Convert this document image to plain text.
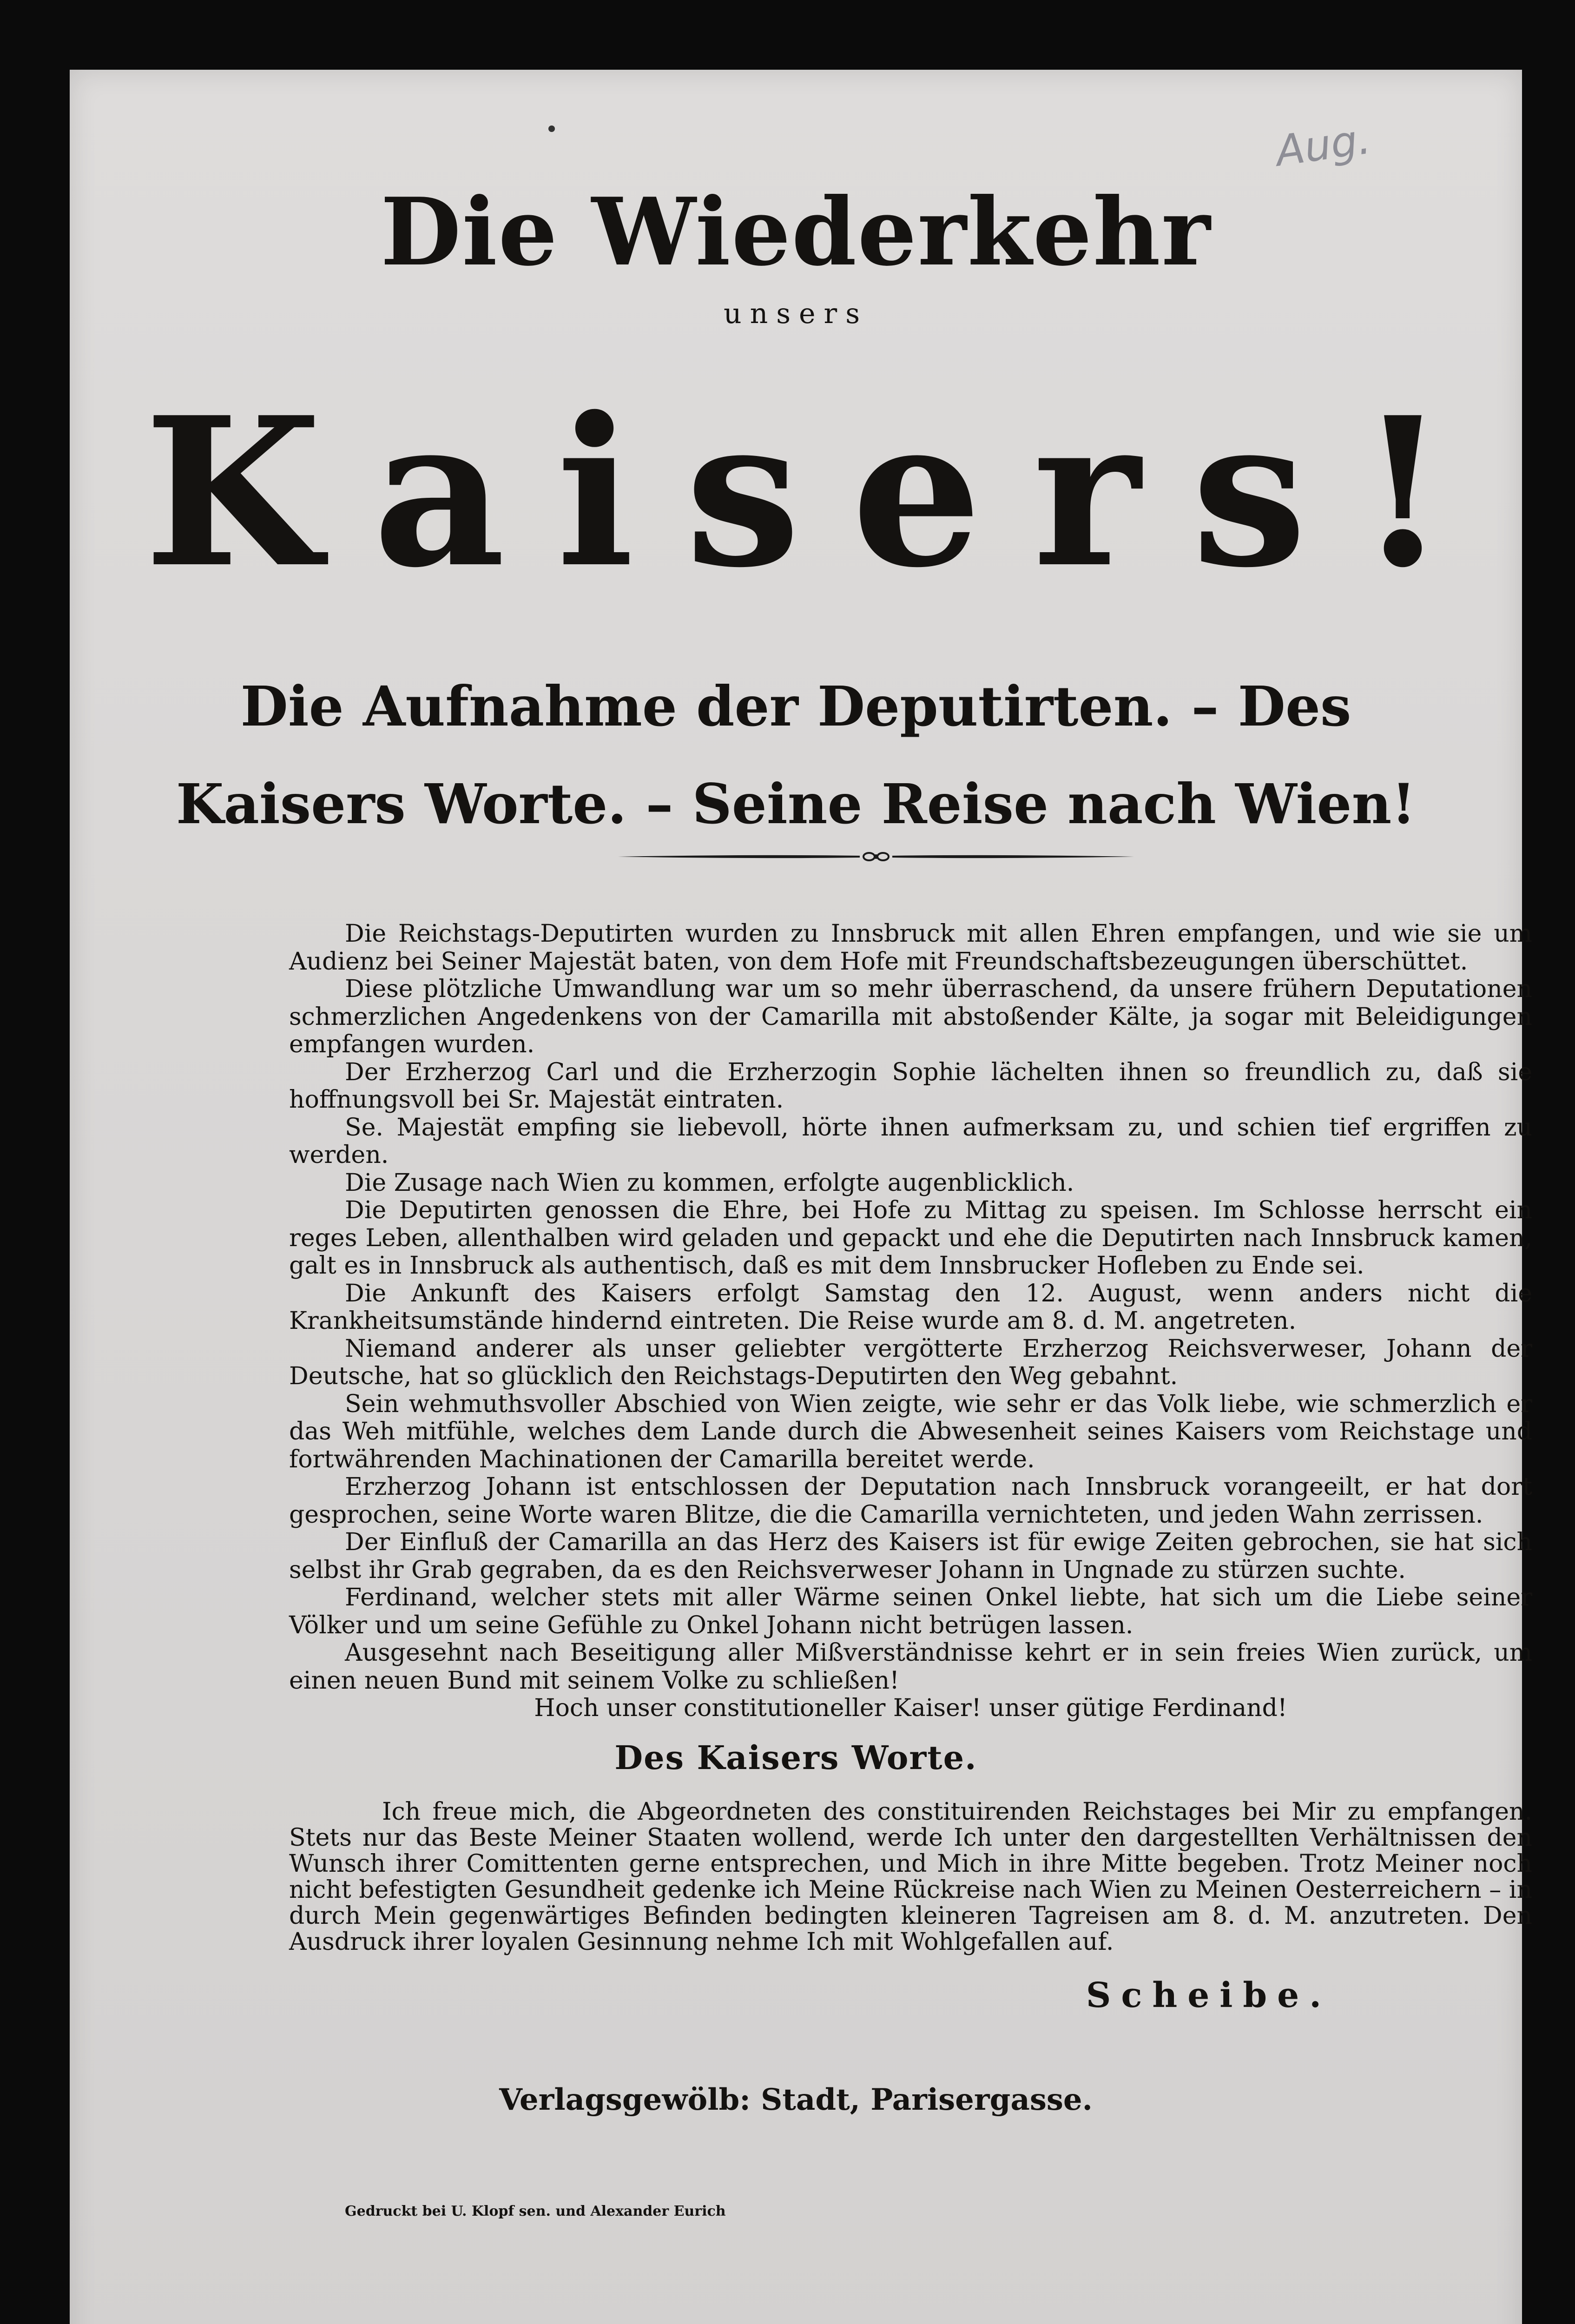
Aug.
Die Wiederkehr
unsers
Kaisers!
Die Aufnahme der Deputirten. – Des Kaisers Worte. – Seine Reise nach Wien!

Die Reichstags-Deputirten wurden zu Innsbruck mit allen Ehren empfangen, und wie sie um Audienz bei Seiner Majestät baten, von dem Hofe mit Freundschaftsbezeugungen überschüttet.

Diese plötzliche Umwandlung war um so mehr überraschend, da unsere frühern Deputationen schmerzlichen Angedenkens von der Camarilla mit abstoßender Kälte, ja sogar mit Beleidigungen empfangen wurden.

Der Erzherzog Carl und die Erzherzogin Sophie lächelten ihnen so freundlich zu, daß sie hoffnungsvoll bei Sr. Majestät eintraten.

Se. Majestät empfing sie liebevoll, hörte ihnen aufmerksam zu, und schien tief ergriffen zu werden.

Die Zusage nach Wien zu kommen, erfolgte augenblicklich.

Die Deputirten genossen die Ehre, bei Hofe zu Mittag zu speisen. Im Schlosse herrscht ein reges Leben, allenthalben wird geladen und gepackt und ehe die Deputirten nach Innsbruck kamen, galt es in Innsbruck als authentisch, daß es mit dem Innsbrucker Hofleben zu Ende sei.

Die Ankunft des Kaisers erfolgt Samstag den 12. August, wenn anders nicht die Krankheitsumstände hindernd eintreten. Die Reise wurde am 8. d. M. angetreten.

Niemand anderer als unser geliebter vergötterte Erzherzog Reichsverweser, Johann der Deutsche, hat so glücklich den Reichstags-Deputirten den Weg gebahnt.

Sein wehmuthsvoller Abschied von Wien zeigte, wie sehr er das Volk liebe, wie schmerzlich er das Weh mitfühle, welches dem Lande durch die Abwesenheit seines Kaisers vom Reichstage und fortwährenden Machinationen der Camarilla bereitet werde.

Erzherzog Johann ist entschlossen der Deputation nach Innsbruck vorangeeilt, er hat dort gesprochen, seine Worte waren Blitze, die die Camarilla vernichteten, und jeden Wahn zerrissen.

Der Einfluß der Camarilla an das Herz des Kaisers ist für ewige Zeiten gebrochen, sie hat sich selbst ihr Grab gegraben, da es den Reichsverweser Johann in Ungnade zu stürzen suchte.

Ferdinand, welcher stets mit aller Wärme seinen Onkel liebte, hat sich um die Liebe seiner Völker und um seine Gefühle zu Onkel Johann nicht betrügen lassen.

Ausgesehnt nach Beseitigung aller Mißverständnisse kehrt er in sein freies Wien zurück, um einen neuen Bund mit seinem Volke zu schließen!

Hoch unser constitutioneller Kaiser! unser gütige Ferdinand!

Des Kaisers Worte.

Ich freue mich, die Abgeordneten des constituirenden Reichstages bei Mir zu empfangen. Stets nur das Beste Meiner Staaten wollend, werde Ich unter den dargestellten Verhältnissen den Wunsch ihrer Comittenten gerne entsprechen, und Mich in ihre Mitte begeben. Trotz Meiner noch nicht befestigten Gesundheit gedenke ich Meine Rückreise nach Wien zu Meinen Oesterreichern – in durch Mein gegenwärtiges Befinden bedingten kleineren Tagreisen am 8. d. M. anzutreten. Den Ausdruck ihrer loyalen Gesinnung nehme Ich mit Wohlgefallen auf.

Scheibe.
Verlagsgewölb: Stadt, Parisergasse.
Gedruckt bei U. Klopf sen. und Alexander Eurich
